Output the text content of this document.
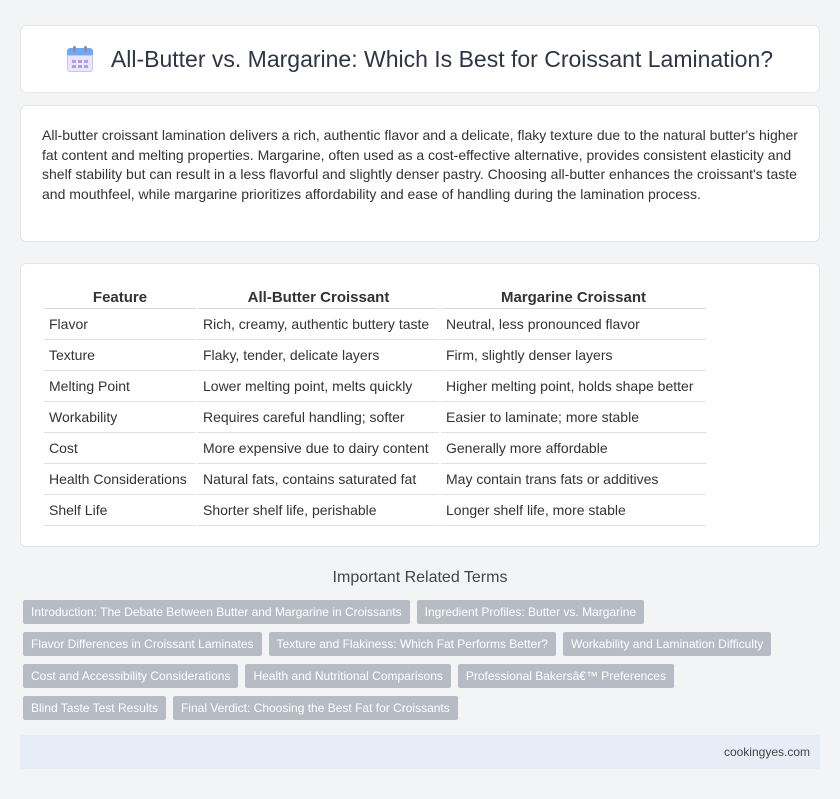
All-Butter vs. Margarine: Which Is Best for Croissant Lamination?

All-butter croissant lamination delivers a rich, authentic flavor and a delicate, flaky texture due to the natural butter's higher fat content and melting properties. Margarine, often used as a cost-effective alternative, provides consistent elasticity and shelf stability but can result in a less flavorful and slightly denser pastry. Choosing all-butter enhances the croissant's taste and mouthfeel, while margarine prioritizes affordability and ease of handling during the lamination process.

Feature	All-Butter Croissant	Margarine Croissant
Flavor	Rich, creamy, authentic buttery taste	Neutral, less pronounced flavor
Texture	Flaky, tender, delicate layers	Firm, slightly denser layers
Melting Point	Lower melting point, melts quickly	Higher melting point, holds shape better
Workability	Requires careful handling; softer	Easier to laminate; more stable
Cost	More expensive due to dairy content	Generally more affordable
Health Considerations	Natural fats, contains saturated fat	May contain trans fats or additives
Shelf Life	Shorter shelf life, perishable	Longer shelf life, more stable
Important Related Terms
Introduction: The Debate Between Butter and Margarine in Croissants	Ingredient Profiles: Butter vs. Margarine
Flavor Differences in Croissant Laminates	Texture and Flakiness: Which Fat Performs Better?	Workability and Lamination Difficulty
Cost and Accessibility Considerations	Health and Nutritional Comparisons	Professional Bakersâ€™ Preferences
Blind Taste Test Results	Final Verdict: Choosing the Best Fat for Croissants
cookingyes.com
